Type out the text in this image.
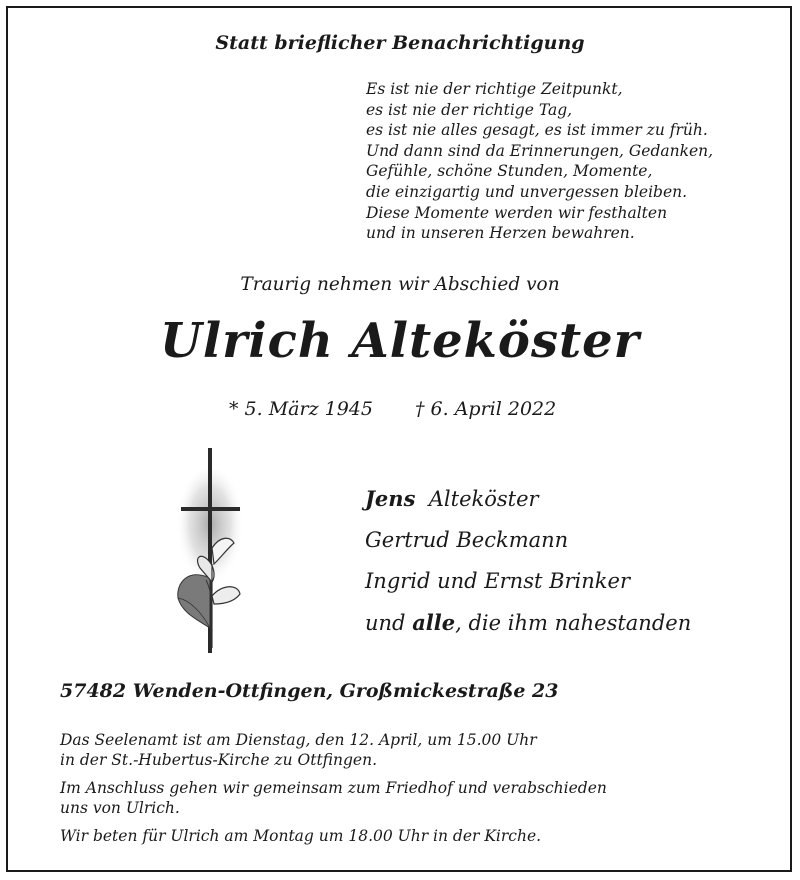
Statt brieflicher Benachrichtigung
Es ist nie der richtige Zeitpunkt,
es ist nie der richtige Tag,
es ist nie alles gesagt, es ist immer zu früh.
Und dann sind da Erinnerungen, Gedanken,
Gefühle, schöne Stunden, Momente,
die einzigartig und unvergessen bleiben.
Diese Momente werden wir festhalten
und in unseren Herzen bewahren.
Traurig nehmen wir Abschied von
Ulrich Alteköster
* 5. März 1945 † 6. April 2022
Jens Alteköster
Gertrud Beckmann
Ingrid und Ernst Brinker
und alle, die ihm nahestanden
57482 Wenden-Ottfingen, Großmickestraße 23

Das Seelenamt ist am Dienstag, den 12. April, um 15.00 Uhr
in der St.-Hubertus-Kirche zu Ottfingen.

Im Anschluss gehen wir gemeinsam zum Friedhof und verabschieden
uns von Ulrich.

Wir beten für Ulrich am Montag um 18.00 Uhr in der Kirche.
